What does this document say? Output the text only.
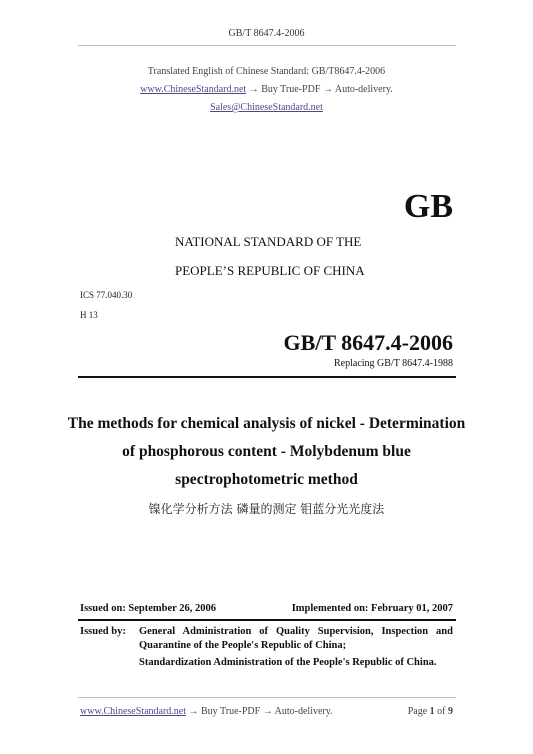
GB/T 8647.4-2006
Translated English of Chinese Standard: GB/T8647.4-2006
www.ChineseStandard.net → Buy True-PDF → Auto-delivery.
Sales@ChineseStandard.net
GB
NATIONAL STANDARD OF THE
PEOPLE’S REPUBLIC OF CHINA
ICS 77.040.30
H 13
GB/T 8647.4-2006
Replacing GB/T 8647.4-1988
The methods for chemical analysis of nickel - Determination
of phosphorous content - Molybdenum blue
spectrophotometric method
镍化学分析方法 磷量的测定 钼蓝分光光度法
Issued on: September 26, 2006	Implemented on: February 01, 2007
Issued by: General Administration of Quality Supervision, Inspection and
Quarantine of the People's Republic of China;
Standardization Administration of the People's Republic of China.
www.ChineseStandard.net → Buy True-PDF → Auto-delivery.	Page 1 of 9
